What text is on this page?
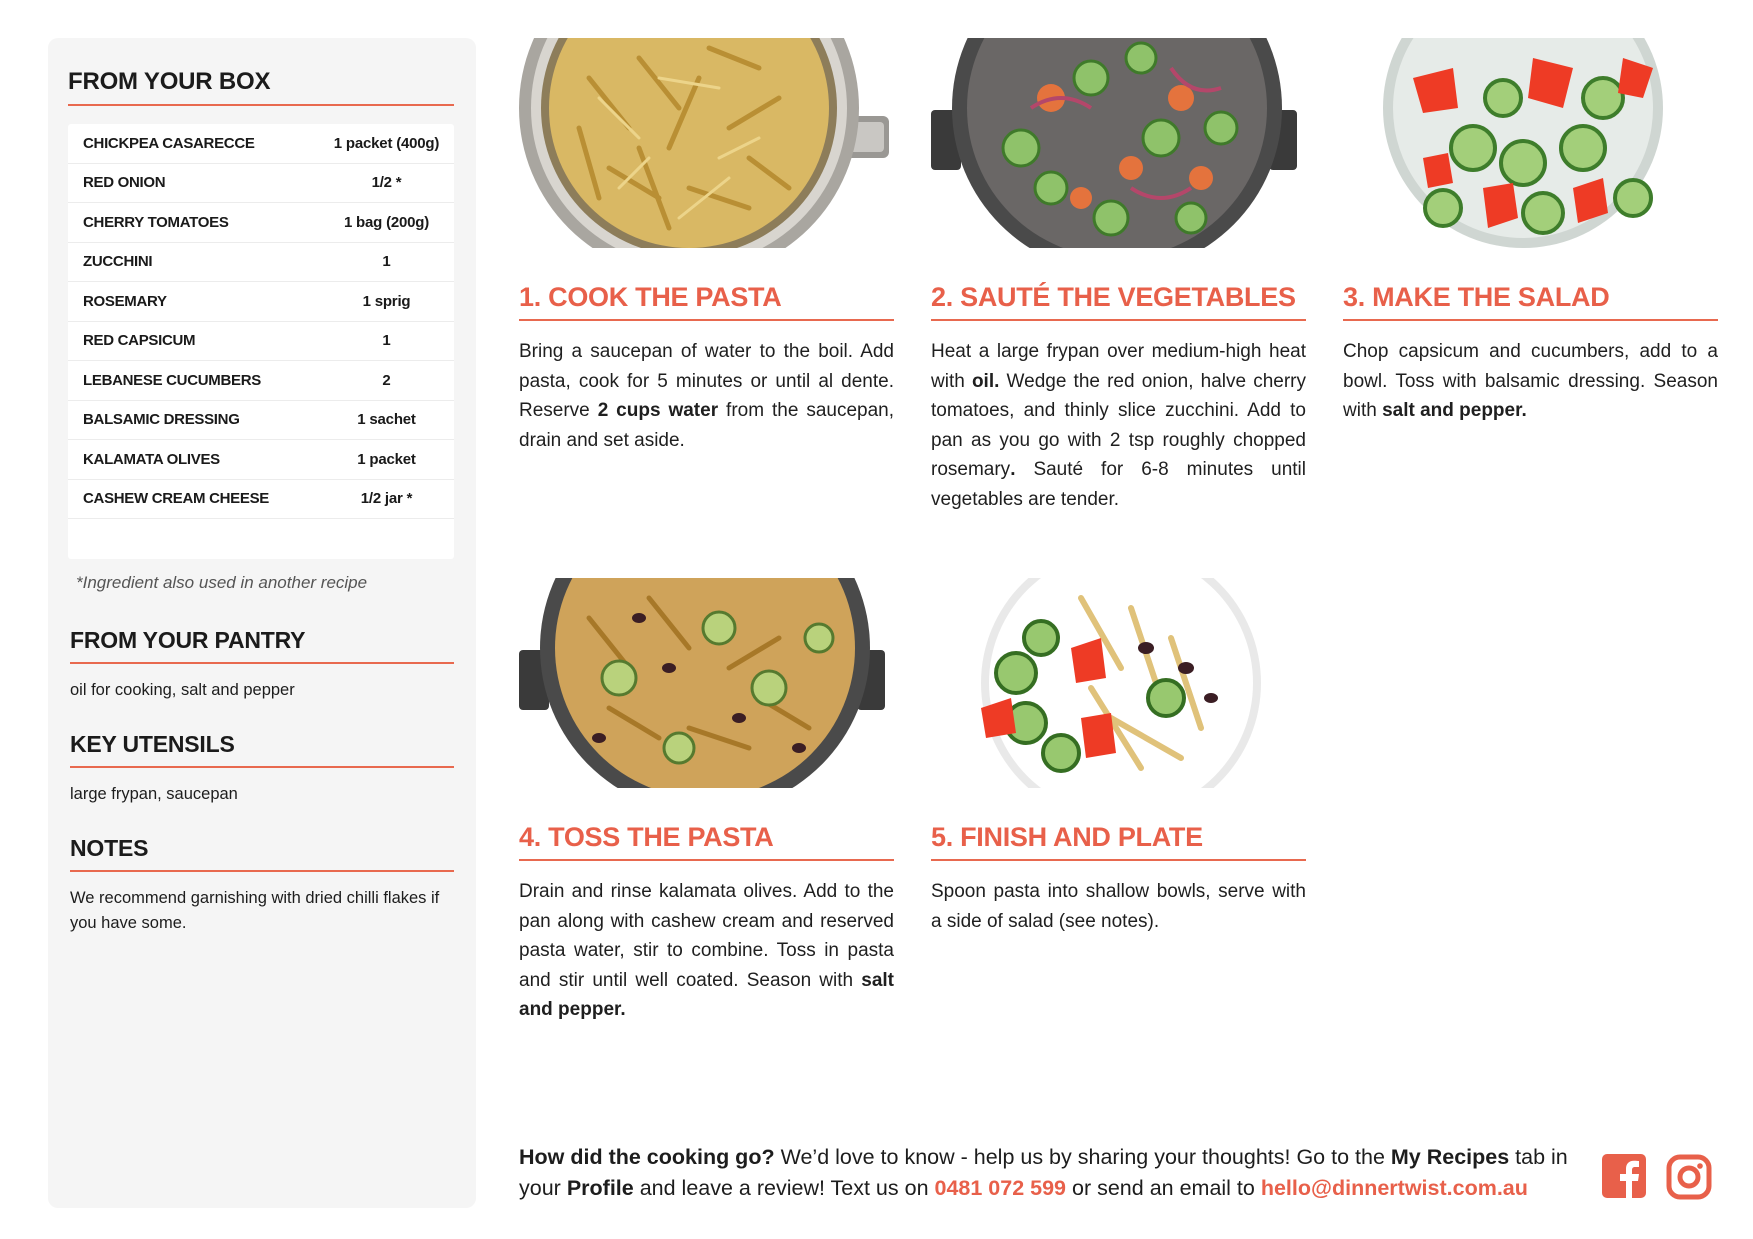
FROM YOUR BOX
CHICKPEA CASARECCE	1 packet (400g)
RED ONION	1/2 *
CHERRY TOMATOES	1 bag (200g)
ZUCCHINI	1
ROSEMARY	1 sprig
RED CAPSICUM	1
LEBANESE CUCUMBERS	2
BALSAMIC DRESSING	1 sachet
KALAMATA OLIVES	1 packet
CASHEW CREAM CHEESE	1/2 jar *
*Ingredient also used in another recipe
FROM YOUR PANTRY
oil for cooking, salt and pepper
KEY UTENSILS
large frypan, saucepan
NOTES
We recommend garnishing with dried chilli flakes if you have some.
1. COOK THE PASTA
Bring a saucepan of water to the boil. Add pasta, cook for 5 minutes or until al dente. Reserve 2 cups water from the saucepan, drain and set aside.
2. SAUTÉ THE VEGETABLES
Heat a large frypan over medium-high heat with oil. Wedge the red onion, halve cherry tomatoes, and thinly slice zucchini. Add to pan as you go with 2 tsp roughly chopped rosemary. Sauté for 6-8 minutes until vegetables are tender.
3. MAKE THE SALAD
Chop capsicum and cucumbers, add to a bowl. Toss with balsamic dressing. Season with salt and pepper.
4. TOSS THE PASTA
Drain and rinse kalamata olives. Add to the pan along with cashew cream and reserved pasta water, stir to combine. Toss in pasta and stir until well coated. Season with salt and pepper.
5. FINISH AND PLATE
Spoon pasta into shallow bowls, serve with a side of salad (see notes).
How did the cooking go? We’d love to know - help us by sharing your thoughts! Go to the My Recipes tab in your Profile and leave a review! Text us on 0481 072 599 or send an email to hello@dinnertwist.com.au
